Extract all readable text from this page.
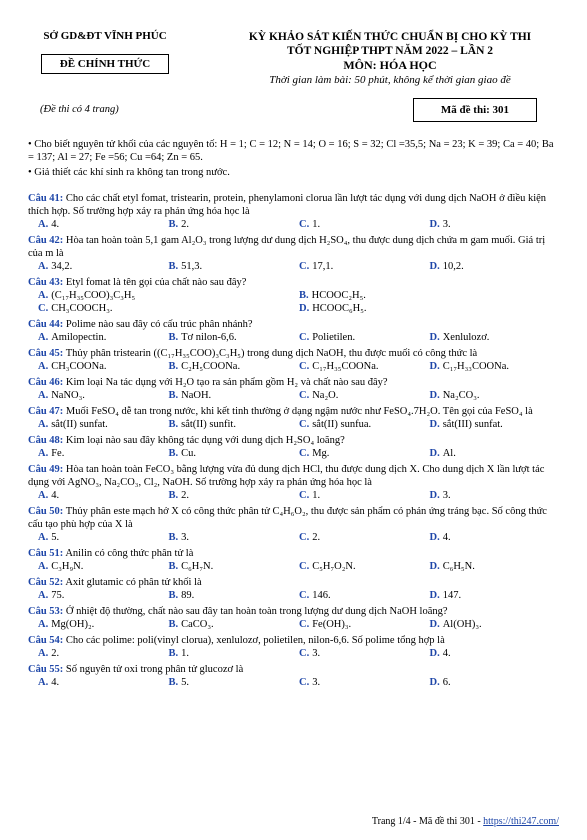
SỞ GD&ĐT VĨNH PHÚC
ĐỀ CHÍNH THỨC
(Đề thi có 4 trang)
KỲ KHẢO SÁT KIẾN THỨC CHUẨN BỊ CHO KỲ THI
TỐT NGHIỆP THPT NĂM 2022 – LẦN 2
MÔN: HÓA HỌC
Thời gian làm bài: 50 phút, không kể thời gian giao đề
Mã đề thi: 301
• Cho biết nguyên tử khối của các nguyên tố: H = 1; C = 12; N = 14; O = 16; S = 32; Cl =35,5; Na = 23; K = 39; Ca = 40; Ba = 137; Al = 27; Fe =56; Cu =64; Zn = 65.
• Giả thiết các khí sinh ra không tan trong nước.
Câu 41: Cho các chất etyl fomat, tristearin, protein, phenylamoni clorua lần lượt tác dụng với dung dịch NaOH ở điều kiện thích hợp. Số trường hợp xảy ra phản ứng hóa học là
A. 4.	B. 2.	C. 1.	D. 3.
Câu 42: Hòa tan hoàn toàn 5,1 gam Al₂O₃ trong lượng dư dung dịch H₂SO₄, thu được dung dịch chứa m gam muối. Giá trị của m là
A. 34,2.	B. 51,3.	C. 17,1.	D. 10,2.
Câu 43: Etyl fomat là tên gọi của chất nào sau đây?
A. (C₁₇H₃₅COO)₃C₃H₅	B. HCOOC₂H₅.
C. CH₃COOCH₃.	D. HCOOC₆H₅.
Câu 44: Polime nào sau đây có cấu trúc phân nhánh?
A. Amilopectin.	B. Tơ nilon-6,6.	C. Polietilen.	D. Xenlulozơ.
Câu 45: Thủy phân tristearin ((C₁₇H₃₅COO)₃C₃H₅) trong dung dịch NaOH, thu được muối có công thức là
A. CH₃COONa.	B. C₂H₅COONa.	C. C₁₇H₃₅COONa.	D. C₁₇H₃₃COONa.
Câu 46: Kim loại Na tác dụng với H₂O tạo ra sản phẩm gồm H₂ và chất nào sau đây?
A. NaNO₃.	B. NaOH.	C. Na₂O.	D. Na₂CO₃.
Câu 47: Muối FeSO₄ dễ tan trong nước, khi kết tinh thường ở dạng ngậm nước như FeSO₄.7H₂O. Tên gọi của FeSO₄ là
A. sắt(II) sunfat.	B. sắt(II) sunfit.	C. sắt(II) sunfua.	D. sắt(III) sunfat.
Câu 48: Kim loại nào sau đây không tác dụng với dung dịch H₂SO₄ loãng?
A. Fe.	B. Cu.	C. Mg.	D. Al.
Câu 49: Hòa tan hoàn toàn FeCO₃ bằng lượng vừa đủ dung dịch HCl, thu được dung dịch X. Cho dung dịch X lần lượt tác dụng với AgNO₃, Na₂CO₃, Cl₂, NaOH. Số trường hợp xảy ra phản ứng hóa học là
A. 4.	B. 2.	C. 1.	D. 3.
Câu 50: Thủy phân este mạch hở X có công thức phân tử C₄H₆O₂, thu được sản phẩm có phản ứng tráng bạc. Số công thức cấu tạo phù hợp của X là
A. 5.	B. 3.	C. 2.	D. 4.
Câu 51: Anilin có công thức phân tử là
A. C₃H₉N.	B. C₆H₇N.	C. C₅H₇O₂N.	D. C₆H₅N.
Câu 52: Axit glutamic có phân tử khối là
A. 75.	B. 89.	C. 146.	D. 147.
Câu 53: Ở nhiệt độ thường, chất nào sau đây tan hoàn toàn trong lượng dư dung dịch NaOH loãng?
A. Mg(OH)₂.	B. CaCO₃.	C. Fe(OH)₃.	D. Al(OH)₃.
Câu 54: Cho các polime: poli(vinyl clorua), xenlulozơ, polietilen, nilon-6,6. Số polime tổng hợp là
A. 2.	B. 1.	C. 3.	D. 4.
Câu 55: Số nguyên tử oxi trong phân tử glucozơ là
A. 4.	B. 5.	C. 3.	D. 6.
Trang 1/4 - Mã đề thi 301 - https://thi247.com/
